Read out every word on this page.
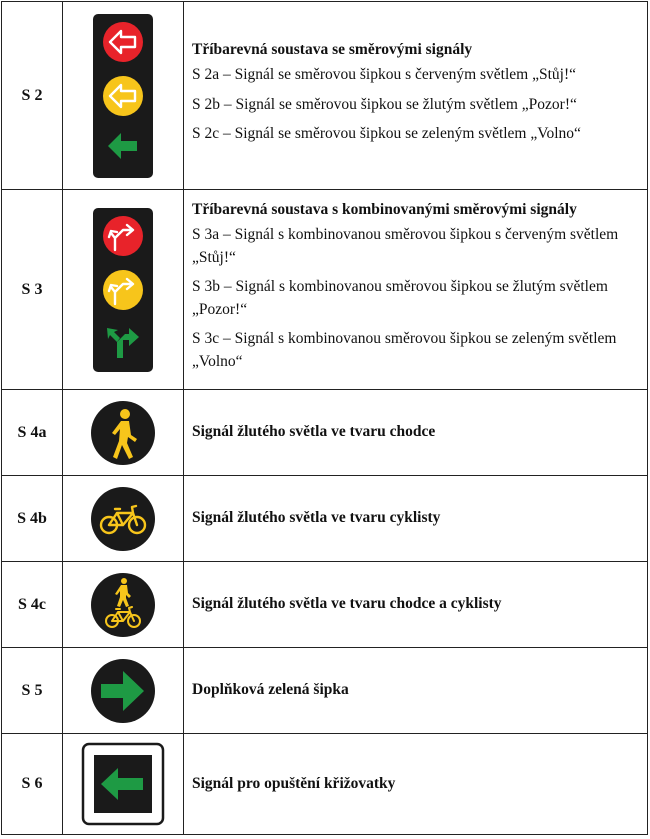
S 2		Tříbarevná soustava se směrovými signály
S 2a – Signál se směrovou šipkou s červeným světlem „Stůj!“
S 2b – Signál se směrovou šipkou se žlutým světlem „Pozor!“
S 2c – Signál se směrovou šipkou se zeleným světlem „Volno“

S 3		Tříbarevná soustava s kombinovanými směrovými signály
S 3a – Signál s kombinovanou směrovou šipkou s červeným světlem „Stůj!“
S 3b – Signál s kombinovanou směrovou šipkou se žlutým světlem „Pozor!“
S 3c – Signál s kombinovanou směrovou šipkou se zeleným světlem „Volno“

S 4a		Signál žlutého světla ve tvaru chodce
S 4b		Signál žlutého světla ve tvaru cyklisty
S 4c		Signál žlutého světla ve tvaru chodce a cyklisty
S 5		Doplňková zelená šipka
S 6		Signál pro opuštění křižovatky
